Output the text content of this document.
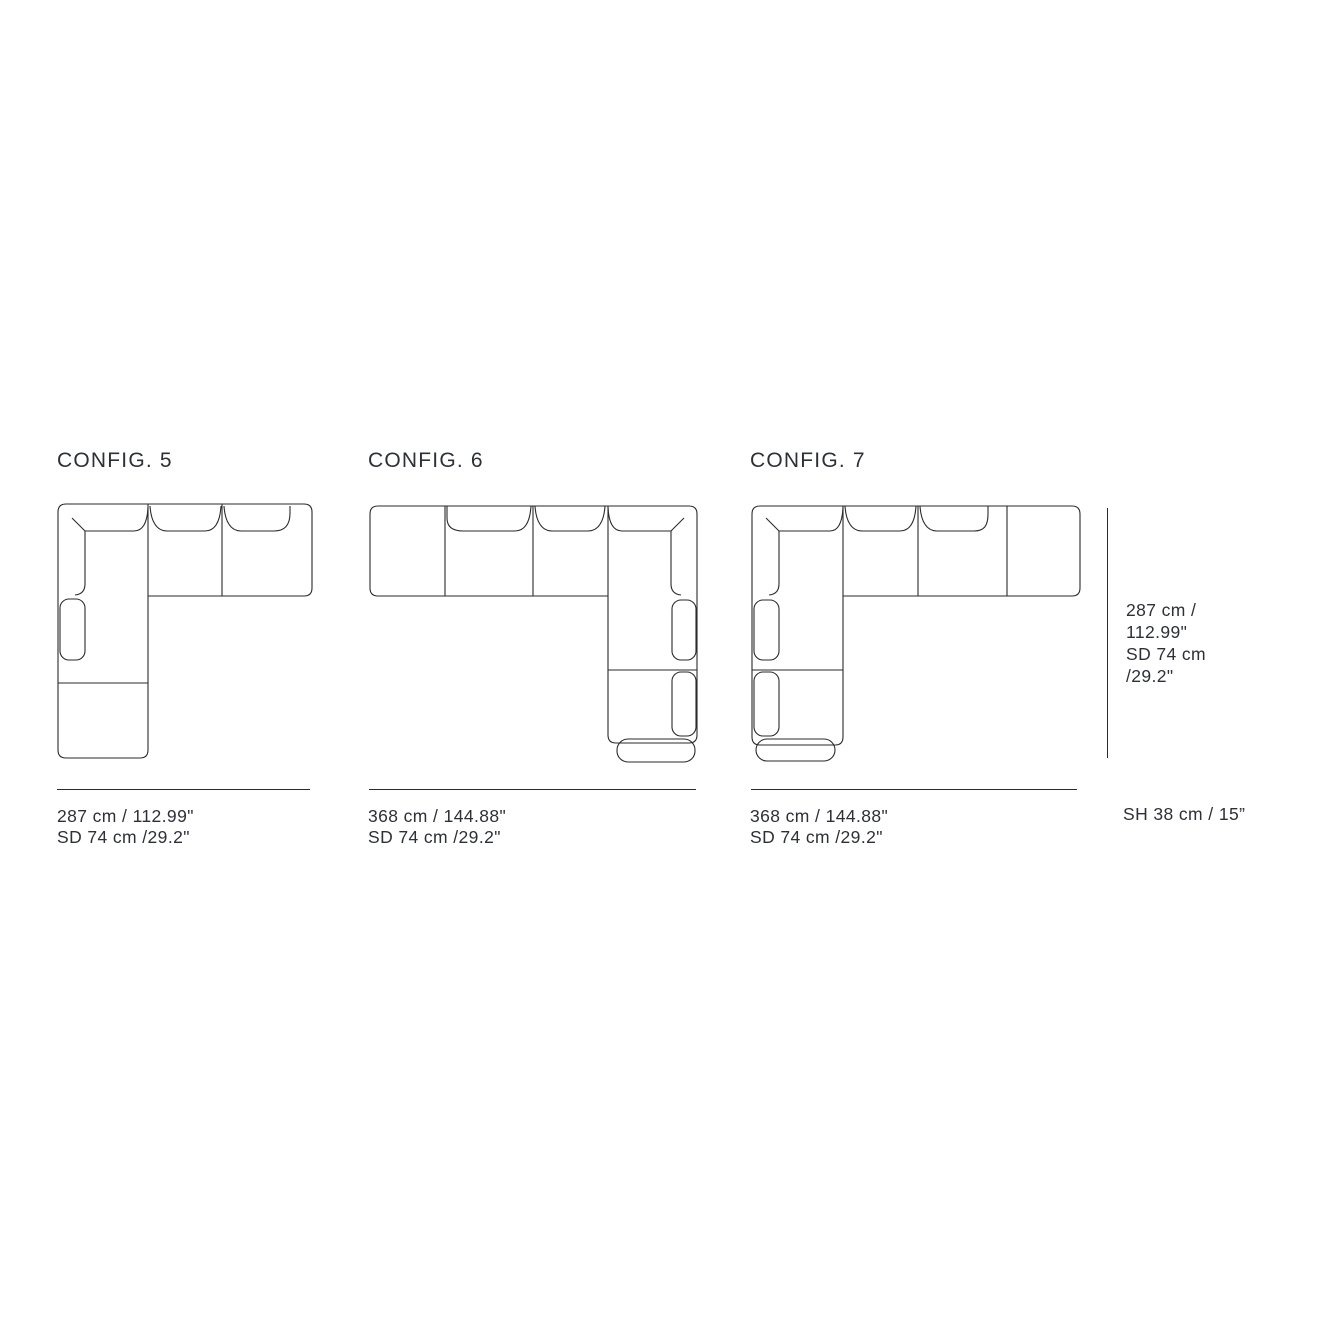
CONFIG. 5
287 cm / 112.99"
SD 74 cm /29.2"
CONFIG. 6
368 cm / 144.88"
SD 74 cm /29.2"
CONFIG. 7
368 cm / 144.88"
SD 74 cm /29.2"
287 cm /
112.99"
SD 74 cm
/29.2"
SH 38 cm / 15”
